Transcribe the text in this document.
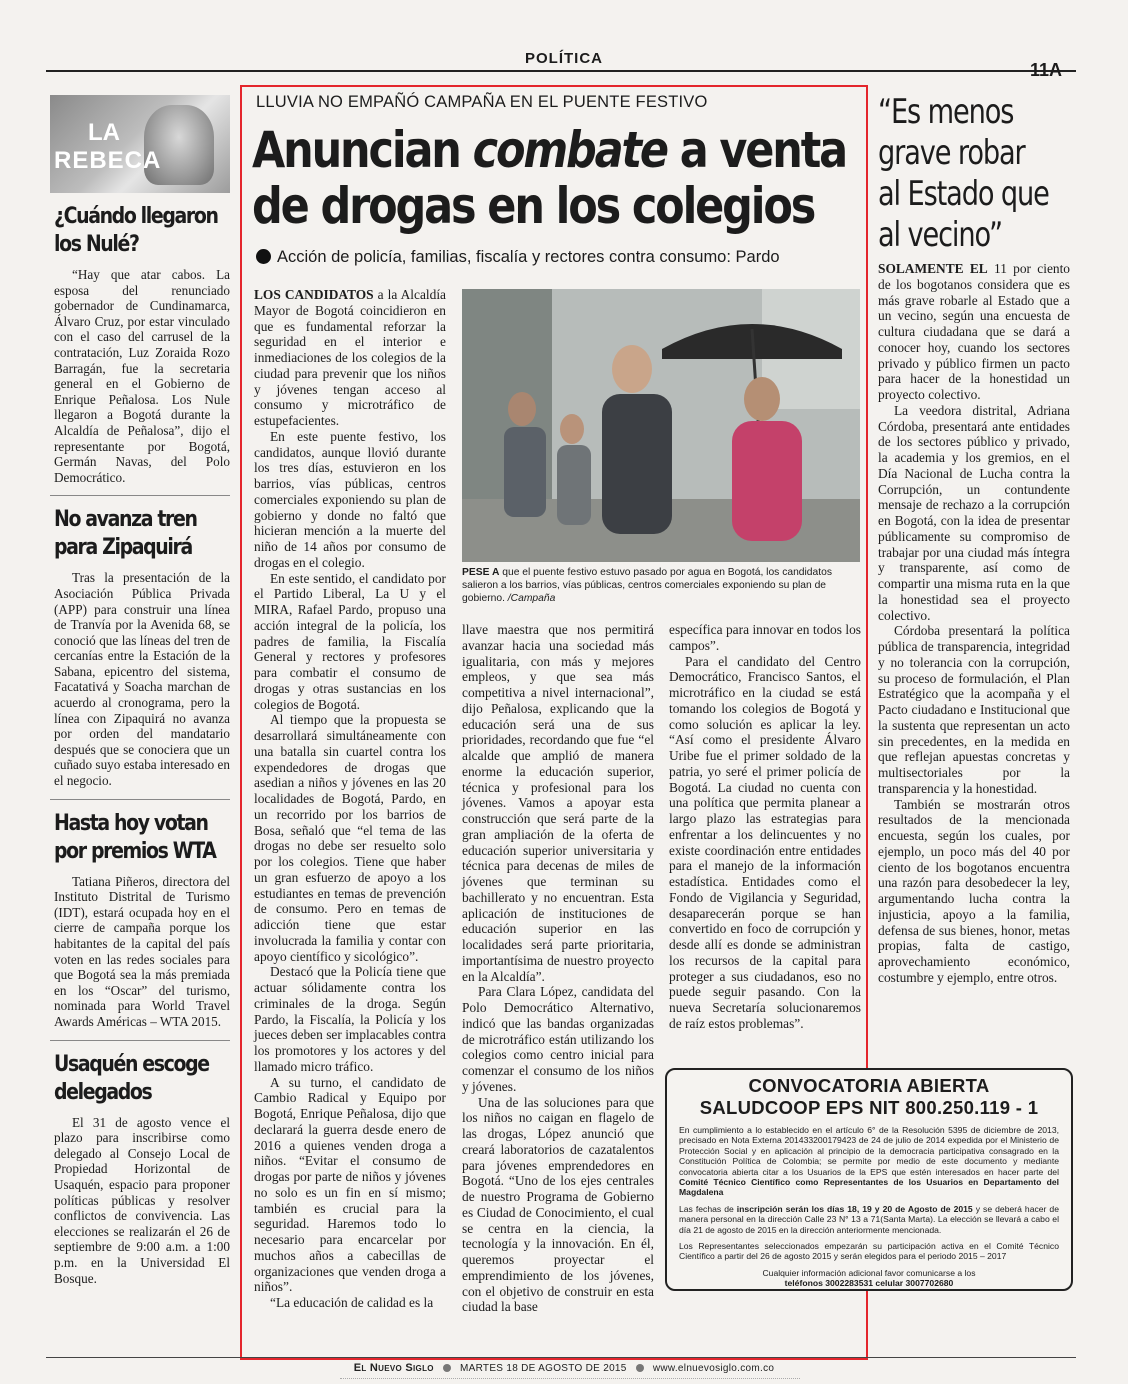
POLÍTICA
11A
LA
REBECA
¿Cuándo llegaron los Nulé?

“Hay que atar cabos. La esposa del renunciado gobernador de Cundinamarca, Álvaro Cruz, por estar vinculado con el caso del carrusel de la contratación, Luz Zoraida Rozo Barragán, fue la secretaria general en el Gobierno de Enrique Peñalosa. Los Nule llegaron a Bogotá durante la Alcaldía de Peñalosa”, dijo el representante por Bogotá, Germán Navas, del Polo Democrático.

No avanza tren para Zipaquirá

Tras la presentación de la Asociación Pública Privada (APP) para construir una línea de Tranvía por la Avenida 68, se conoció que las líneas del tren de cercanías entre la Estación de la Sabana, epicentro del sistema, Facatativá y Soacha marchan de acuerdo al cronograma, pero la línea con Zipaquirá no avanza por orden del mandatario después que se conociera que un cuñado suyo estaba interesado en el negocio.

Hasta hoy votan por premios WTA

Tatiana Piñeros, directora del Instituto Distrital de Turismo (IDT), estará ocupada hoy en el cierre de campaña porque los habitantes de la capital del país voten en las redes sociales para que Bogotá sea la más premiada en los “Oscar” del turismo, nominada para World Travel Awards Américas – WTA 2015.

Usaquén escoge delegados

El 31 de agosto vence el plazo para inscribirse como delegado al Consejo Local de Propiedad Horizontal de Usaquén, espacio para proponer políticas públicas y resolver conflictos de convivencia. Las elecciones se realizarán el 26 de septiembre de 9:00 a.m. a 1:00 p.m. en la Universidad El Bosque.

LLUVIA NO EMPAÑÓ CAMPAÑA EN EL PUENTE FESTIVO
Anuncian combate a venta
de drogas en los colegios
Acción de policía, familias, fiscalía y rectores contra consumo: Pardo

LOS CANDIDATOS a la Alcaldía Mayor de Bogotá coincidieron en que es fundamental reforzar la seguridad en el interior e inmediaciones de los colegios de la ciudad para prevenir que los niños y jóvenes tengan acceso al consumo y microtráfico de estupefacientes.

En este puente festivo, los candidatos, aunque llovió durante los tres días, estuvieron en los barrios, vías públicas, centros comerciales exponiendo su plan de gobierno y donde no faltó que hicieran mención a la muerte del niño de 14 años por consumo de drogas en el colegio.

En este sentido, el candidato por el Partido Liberal, La U y el MIRA, Rafael Pardo, propuso una acción integral de la policía, los padres de familia, la Fiscalía General y rectores y profesores para combatir el consumo de drogas y otras sustancias en los colegios de Bogotá.

Al tiempo que la propuesta se desarrollará simultáneamente con una batalla sin cuartel contra los expendedores de drogas que asedian a niños y jóvenes en las 20 localidades de Bogotá, Pardo, en un recorrido por los barrios de Bosa, señaló que “el tema de las drogas no debe ser resuelto solo por los colegios. Tiene que haber un gran esfuerzo de apoyo a los estudiantes en temas de prevención de consumo. Pero en temas de adicción tiene que estar involucrada la familia y contar con apoyo científico y sicológico”.

Destacó que la Policía tiene que actuar sólidamente contra los criminales de la droga. Según Pardo, la Fiscalía, la Policía y los jueces deben ser implacables contra los promotores y los actores y del llamado micro tráfico.

A su turno, el candidato de Cambio Radical y Equipo por Bogotá, Enrique Peñalosa, dijo que declarará la guerra desde enero de 2016 a quienes venden droga a niños. “Evitar el consumo de drogas por parte de niños y jóvenes no solo es un fin en sí mismo; también es crucial para la seguridad. Haremos todo lo necesario para encarcelar por muchos años a cabecillas de organizaciones que venden droga a niños”.

“La educación de calidad es la

PESE A que el puente festivo estuvo pasado por agua en Bogotá, los candidatos salieron a los barrios, vías públicas, centros comerciales exponiendo su plan de gobierno. /Campaña

llave maestra que nos permitirá avanzar hacia una sociedad más igualitaria, con más y mejores empleos, y que sea más competitiva a nivel internacional”, dijo Peñalosa, explicando que la educación será una de sus prioridades, recordando que fue “el alcalde que amplió de manera enorme la educación superior, técnica y profesional para los jóvenes. Vamos a apoyar esta construcción que será parte de la gran ampliación de la oferta de educación superior universitaria y técnica para decenas de miles de jóvenes que terminan su bachillerato y no encuentran. Esta aplicación de instituciones de educación superior en las localidades será parte prioritaria, importantísima de nuestro proyecto en la Alcaldía”.

Para Clara López, candidata del Polo Democrático Alternativo, indicó que las bandas organizadas de microtráfico están utilizando los colegios como centro inicial para comenzar el consumo de los niños y jóvenes.

Una de las soluciones para que los niños no caigan en flagelo de las drogas, López anunció que creará laboratorios de cazatalentos para jóvenes emprendedores en Bogotá. “Uno de los ejes centrales de nuestro Programa de Gobierno es Ciudad de Conocimiento, el cual se centra en la ciencia, la tecnología y la innovación. En él, queremos proyectar el emprendimiento de los jóvenes, con el objetivo de construir en esta ciudad la base

específica para innovar en todos los campos”.

Para el candidato del Centro Democrático, Francisco Santos, el microtráfico en la ciudad se está tomando los colegios de Bogotá y como solución es aplicar la ley. “Así como el presidente Álvaro Uribe fue el primer soldado de la patria, yo seré el primer policía de Bogotá. La ciudad no cuenta con una política que permita planear a largo plazo las estrategias para enfrentar a los delincuentes y no existe coordinación entre entidades para el manejo de la información estadística. Entidades como el Fondo de Vigilancia y Seguridad, desaparecerán porque se han convertido en foco de corrupción y desde allí es donde se administran los recursos de la capital para proteger a sus ciudadanos, eso no puede seguir pasando. Con la nueva Secretaría solucionaremos de raíz estos problemas”.

“Es menos
grave robar
al Estado que
al vecino”

SOLAMENTE EL 11 por ciento de los bogotanos considera que es más grave robarle al Estado que a un vecino, según una encuesta de cultura ciudadana que se dará a conocer hoy, cuando los sectores privado y público firmen un pacto para hacer de la honestidad un proyecto colectivo.

La veedora distrital, Adriana Córdoba, presentará ante entidades de los sectores público y privado, la academia y los gremios, en el Día Nacional de Lucha contra la Corrupción, un contundente mensaje de rechazo a la corrupción en Bogotá, con la idea de presentar públicamente su compromiso de trabajar por una ciudad más íntegra y transparente, así como de compartir una misma ruta en la que la honestidad sea el proyecto colectivo.

Córdoba presentará la política pública de transparencia, integridad y no tolerancia con la corrupción, su proceso de formulación, el Plan Estratégico que la acompaña y el Pacto ciudadano e Institucional que la sustenta que representan un acto sin precedentes, en la medida en que reflejan apuestas concretas y multisectoriales por la transparencia y la honestidad.

También se mostrarán otros resultados de la mencionada encuesta, según los cuales, por ejemplo, un poco más del 40 por ciento de los bogotanos encuentra una razón para desobedecer la ley, argumentando lucha contra la injusticia, apoyo a la familia, defensa de sus bienes, honor, metas propias, falta de castigo, aprovechamiento económico, costumbre y ejemplo, entre otros.

CONVOCATORIA ABIERTA
SALUDCOOP EPS NIT 800.250.119 - 1

En cumplimiento a lo establecido en el artículo 6° de la Resolución 5395 de diciembre de 2013, precisado en Nota Externa 201433200179423 de 24 de julio de 2014 expedida por el Ministerio de Protección Social y en aplicación al principio de la democracia participativa consagrado en la Constitución Política de Colombia; se permite por medio de este documento y mediante convocatoria abierta citar a los Usuarios de la EPS que estén interesados en hacer parte del Comité Técnico Científico como Representantes de los Usuarios en Departamento del Magdalena

Las fechas de inscripción serán los días 18, 19 y 20 de Agosto de 2015 y se deberá hacer de manera personal en la dirección Calle 23 N° 13 a 71(Santa Marta). La elección se llevará a cabo el día 21 de agosto de 2015 en la dirección anteriormente mencionada.

Los Representantes seleccionados empezarán su participación activa en el Comité Técnico Científico a partir del 26 de agosto 2015 y serán elegidos para el periodo 2015 – 2017

Cualquier información adicional favor comunicarse a los
teléfonos 3002283531 celular 3007702680
El Nuevo Siglo	MARTES 18 DE AGOSTO DE 2015	www.elnuevosiglo.com.co
